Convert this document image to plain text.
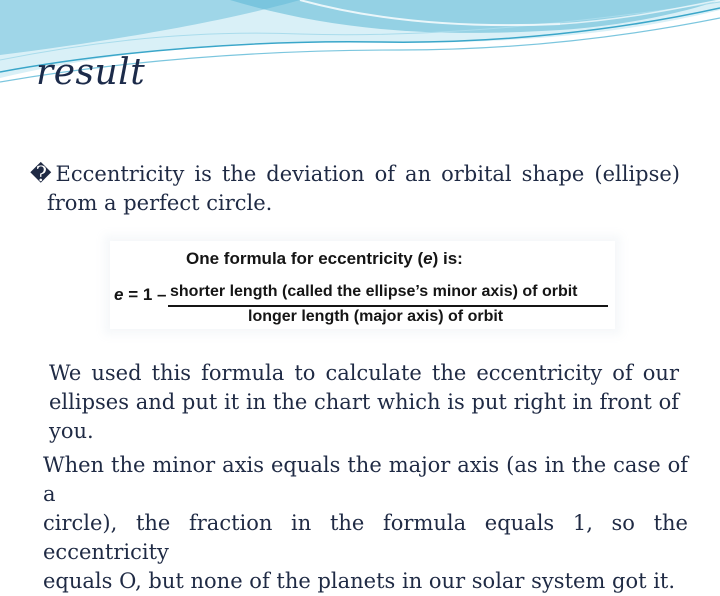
result
� Eccentricity is the deviation of an orbital shape (ellipse)
from a perfect circle.
One formula for eccentricity (e) is:
e = 1 – shorter length (called the ellipse’s minor axis) of orbit
longer length (major axis) of orbit
We used this formula to calculate the eccentricity of our
ellipses and put it in the chart which is put right in front of
you.
When the minor axis equals the major axis (as in the case of a
circle), the fraction in the formula equals 1, so the eccentricity
equals O, but none of the planets in our solar system got it.
